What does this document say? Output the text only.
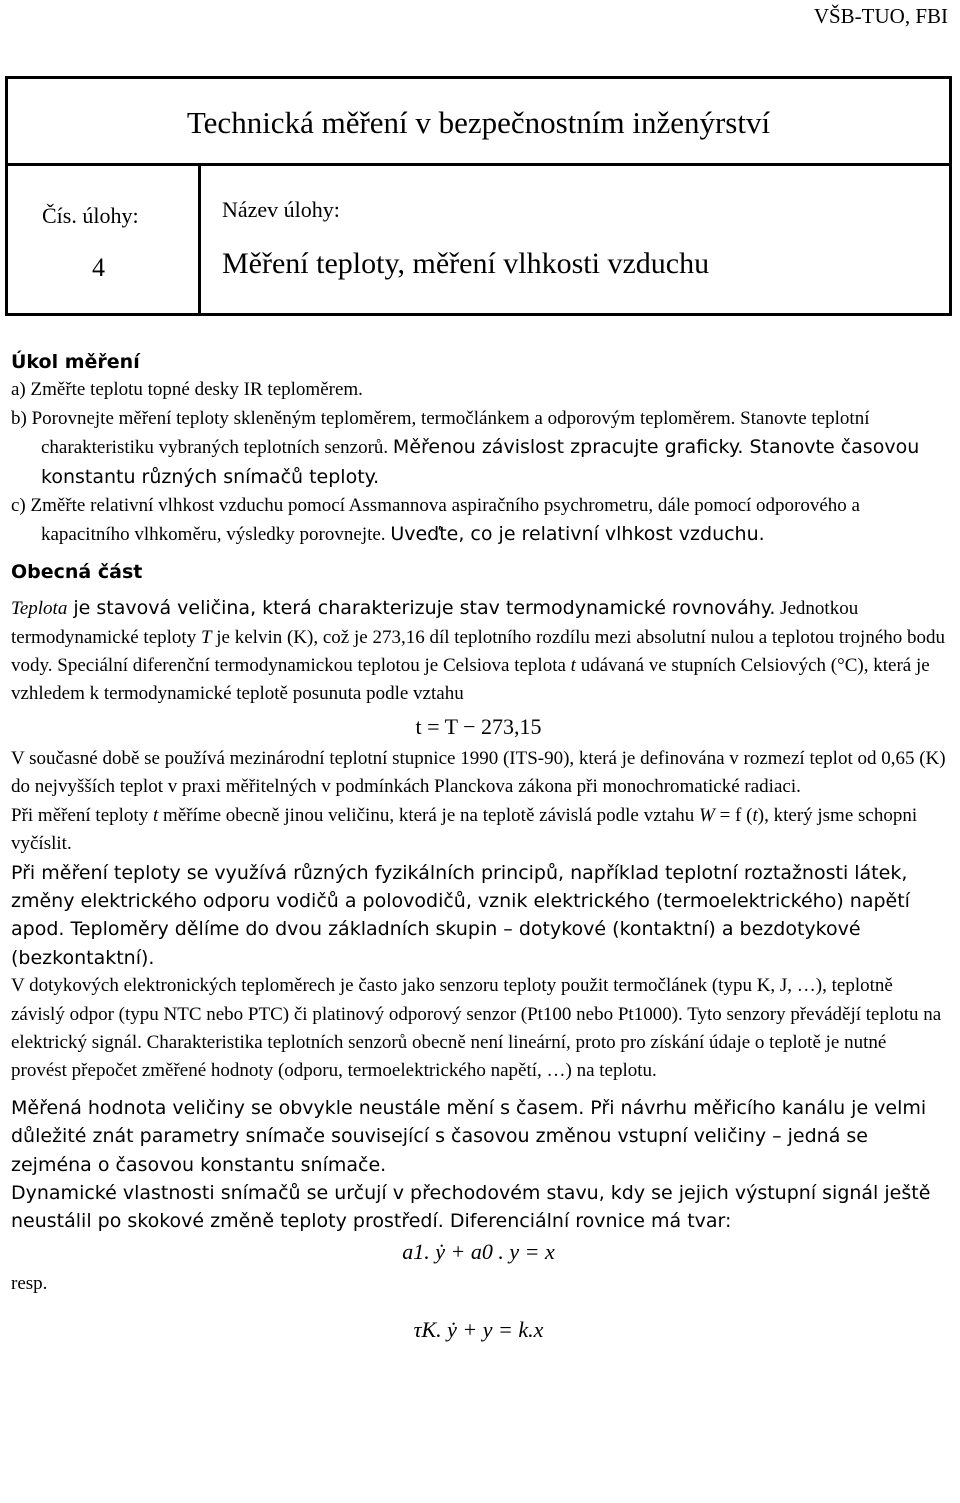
VŠB-TUO, FBI
Technická měření v bezpečnostním inženýrství
Čís. úlohy:
4
Název úlohy:
Měření teploty, měření vlhkosti vzduchu

Úkol měření

a) Změřte teplotu topné desky IR teploměrem.

b) Porovnejte měření teploty skleněným teploměrem, termočlánkem a odporovým teploměrem. Stanovte teplotní charakteristiku vybraných teplotních senzorů. Měřenou závislost zpracujte graficky. Stanovte časovou konstantu různých snímačů teploty.

c) Změřte relativní vlhkost vzduchu pomocí Assmannova aspiračního psychrometru, dále pomocí odporového a kapacitního vlhkoměru, výsledky porovnejte. Uveďte, co je relativní vlhkost vzduchu.

Obecná část

Teplota je stavová veličina, která charakterizuje stav termodynamické rovnováhy. Jednotkou termodynamické teploty T je kelvin (K), což je 273,16 díl teplotního rozdílu mezi absolutní nulou a teplotou trojného bodu vody. Speciální diferenční termodynamickou teplotou je Celsiova teplota t udávaná ve stupních Celsiových (°C), která je vzhledem k termodynamické teplotě posunuta podle vztahu

t = T − 273,15

V současné době se používá mezinárodní teplotní stupnice 1990 (ITS-90), která je definována v rozmezí teplot od 0,65 (K) do nejvyšších teplot v praxi měřitelných v podmínkách Planckova zákona při monochromatické radiaci.

Při měření teploty t měříme obecně jinou veličinu, která je na teplotě závislá podle vztahu W = f (t), který jsme schopni vyčíslit.

Při měření teploty se využívá různých fyzikálních principů, například teplotní roztažnosti látek, změny elektrického odporu vodičů a polovodičů, vznik elektrického (termoelektrického) napětí apod. Teploměry dělíme do dvou základních skupin – dotykové (kontaktní) a bezdotykové (bezkontaktní).

V dotykových elektronických teploměrech je často jako senzoru teploty použit termočlánek (typu K, J, …), teplotně závislý odpor (typu NTC nebo PTC) či platinový odporový senzor (Pt100 nebo Pt1000). Tyto senzory převádějí teplotu na elektrický signál. Charakteristika teplotních senzorů obecně není lineární, proto pro získání údaje o teplotě je nutné provést přepočet změřené hodnoty (odporu, termoelektrického napětí, …) na teplotu.

Měřená hodnota veličiny se obvykle neustále mění s časem. Při návrhu měřicího kanálu je velmi důležité znát parametry snímače související s časovou změnou vstupní veličiny – jedná se zejména o časovou konstantu snímače.

Dynamické vlastnosti snímačů se určují v přechodovém stavu, kdy se jejich výstupní signál ještě neustálil po skokové změně teploty prostředí. Diferenciální rovnice má tvar:

a1. ẏ + a0 . y = x

resp.

τK. ẏ + y = k.x
